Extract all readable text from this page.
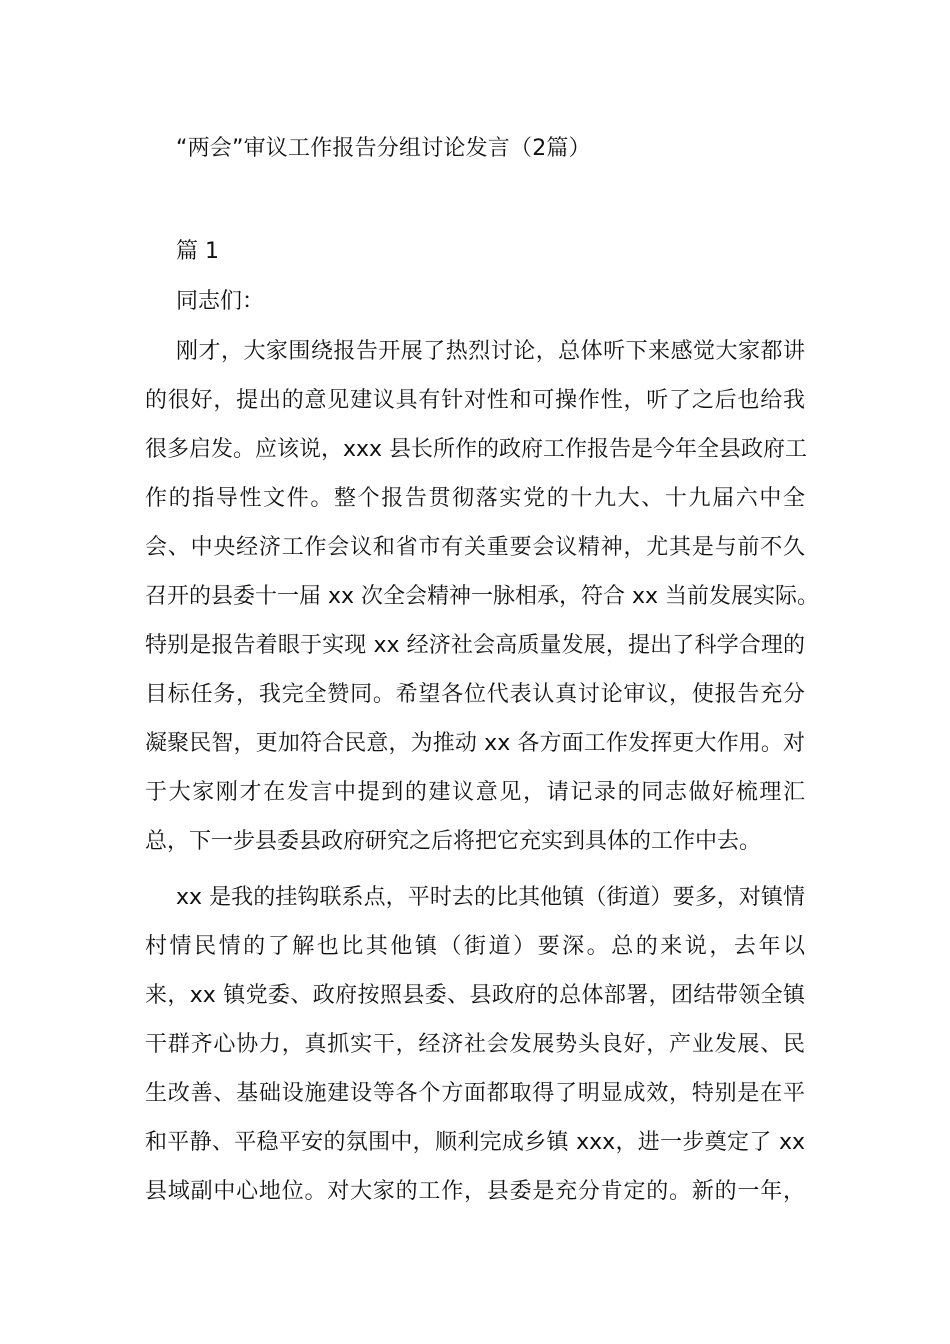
“两会”审议工作报告分组讨论发言（2篇）
篇 1
同志们：
刚才，大家围绕报告开展了热烈讨论，总体听下来感觉大家都讲
的很好，提出的意见建议具有针对性和可操作性，听了之后也给我
很多启发。应该说，xxx 县长所作的政府工作报告是今年全县政府工
作的指导性文件。整个报告贯彻落实党的十九大、十九届六中全
会、中央经济工作会议和省市有关重要会议精神，尤其是与前不久
召开的县委十一届 xx 次全会精神一脉相承，符合 xx 当前发展实际。
特别是报告着眼于实现 xx 经济社会高质量发展，提出了科学合理的
目标任务，我完全赞同。希望各位代表认真讨论审议，使报告充分
凝聚民智，更加符合民意，为推动 xx 各方面工作发挥更大作用。对
于大家刚才在发言中提到的建议意见，请记录的同志做好梳理汇
总，下一步县委县政府研究之后将把它充实到具体的工作中去。
xx 是我的挂钩联系点，平时去的比其他镇（街道）要多，对镇情
村情民情的了解也比其他镇（街道）要深。总的来说，去年以
来，xx 镇党委、政府按照县委、县政府的总体部署，团结带领全镇
干群齐心协力，真抓实干，经济社会发展势头良好，产业发展、民
生改善、基础设施建设等各个方面都取得了明显成效，特别是在平
和平静、平稳平安的氛围中，顺利完成乡镇 xxx，进一步奠定了 xx
县域副中心地位。对大家的工作，县委是充分肯定的。新的一年，
